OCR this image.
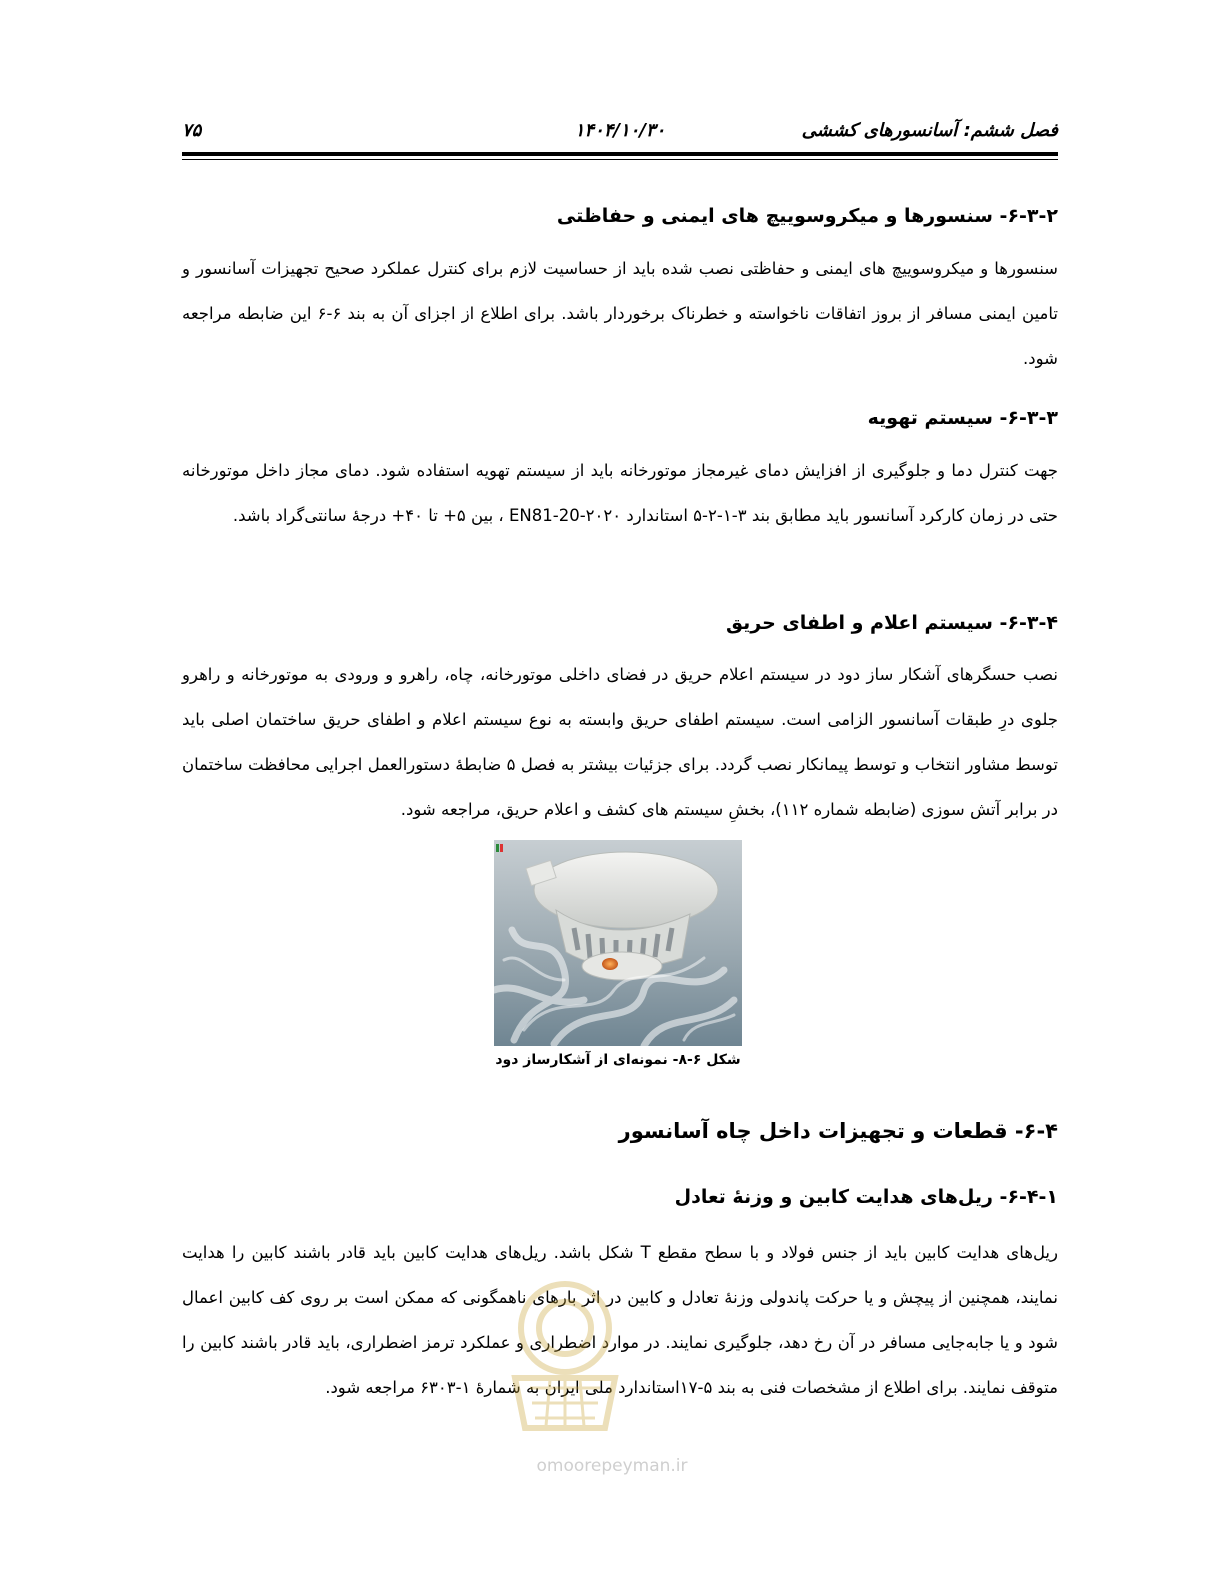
فصل ششم: آسانسورهای کششی
۱۴۰۴/۱۰/۳۰
۷۵
۶-۳-۲- سنسورها و میکروسوییچ های ایمنی و حفاظتی

سنسورها و میکروسوییچ های ایمنی و حفاظتی نصب شده باید از حساسیت لازم برای کنترل عملکرد صحیح تجهیزات آسانسور و تامین ایمنی مسافر از بروز اتفاقات ناخواسته و خطرناک برخوردار باشد. برای اطلاع از اجزای آن به بند ۶-۶ این ضابطه مراجعه شود.

۶-۳-۳- سیستم تهویه

جهت کنترل دما و جلوگیری از افزایش دمای غیرمجاز موتورخانه باید از سیستم تهویه استفاده شود. دمای مجاز داخل موتورخانه حتی در زمان کارکرد آسانسور باید مطابق بند ۳-۱-۲-۵ استاندارد EN81-20-۲۰۲۰ ، بین ۵+ تا ۴۰+ درجهٔ سانتی‌گراد باشد.

۶-۳-۴- سیستم اعلام و اطفای حریق

نصب حسگرهای آشکار ساز دود در سیستم اعلام حریق در فضای داخلی موتورخانه، چاه، راهرو و ورودی به موتورخانه و راهرو جلوی درِ طبقات آسانسور الزامی است. سیستم اطفای حریق وابسته به نوع سیستم اعلام و اطفای حریق ساختمان اصلی باید توسط مشاور انتخاب و توسط پیمانکار نصب گردد. برای جزئیات بیشتر به فصل ۵ ضابطهٔ دستورالعمل اجرایی محافظت ساختمان در برابر آتش سوزی (ضابطه شماره ۱۱۲)، بخشِ سیستم های کشف و اعلام حریق، مراجعه شود.

شکل ۶-۸- نمونه‌ای از آشکارساز دود
۶-۴- قطعات و تجهیزات داخل چاه آسانسور
۶-۴-۱- ریل‌های هدایت کابین و وزنهٔ تعادل

ریل‌های هدایت کابین باید از جنس فولاد و با سطح مقطع T شکل باشد. ریل‌های هدایت کابین باید قادر باشند کابین را هدایت نمایند، همچنین از پیچش و یا حرکت پاندولی وزنهٔ تعادل و کابین در اثر بارهای ناهمگونی که ممکن است بر روی کف کابین اعمال شود و یا جابه‌جایی مسافر در آن رخ دهد، جلوگیری نمایند. در موارد اضطراری و عملکرد ترمز اضطراری، باید قادر باشند کابین را متوقف نمایند. برای اطلاع از مشخصات فنی به بند ۵-۱۷استاندارد ملی ایران به شمارهٔ ۱-۶۳۰۳ مراجعه شود.

omoorepeyman.ir
